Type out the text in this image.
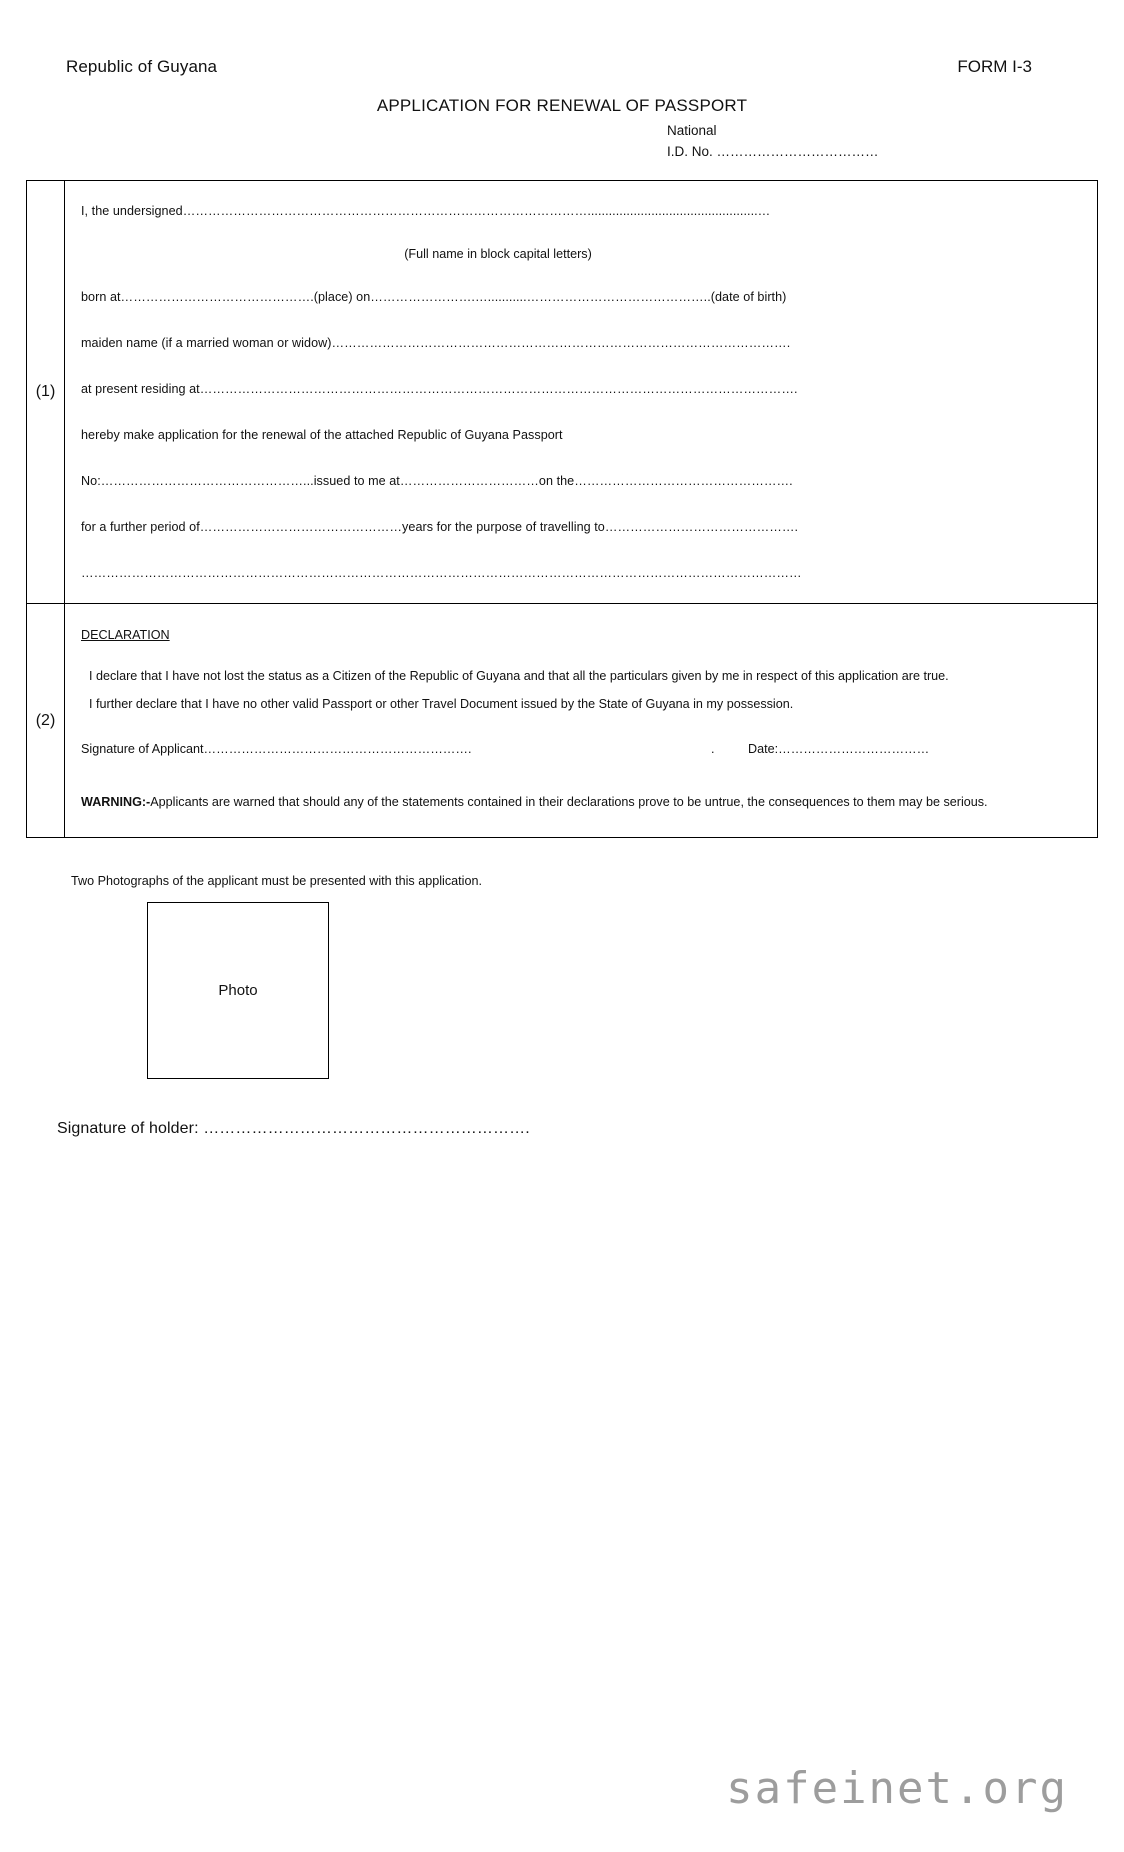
Republic of Guyana	FORM I-3
APPLICATION FOR RENEWAL OF PASSPORT
National
I.D. No. ………………………………
(1)
I, the undersigned……………………………………………………………………………………................................................…
(Full name in block capital letters)
born at……………………………………….(place) on…………………….…...........……………………………………..(date of birth)
maiden name (if a married woman or widow)……………………………………………………………………………………………….
at present residing at…………………………………………………………………………………………………………………………….
hereby make application for the renewal of the attached Republic of Guyana Passport
No:…………………………………………...issued to me at……………………………on the…………………………………………….
for a further period of…………………………………………years for the purpose of travelling to……………………………………….
………………………………………………………………………………………………………………………………………………………
(2)
DECLARATION

I declare that I have not lost the status as a Citizen of the Republic of Guyana and that all the particulars given by me in respect of this application are true.

I further declare that I have no other valid Passport or other Travel Document issued by the State of Guyana in my possession.

Signature of Applicant……………………………………………………….	.	Date:………………………………

WARNING:-Applicants are warned that should any of the statements contained in their declarations prove to be untrue, the consequences to them may be serious.

Two Photographs of the applicant must be presented with this application.
Photo
Signature of holder: …………………………………………………….
safeinet.org
